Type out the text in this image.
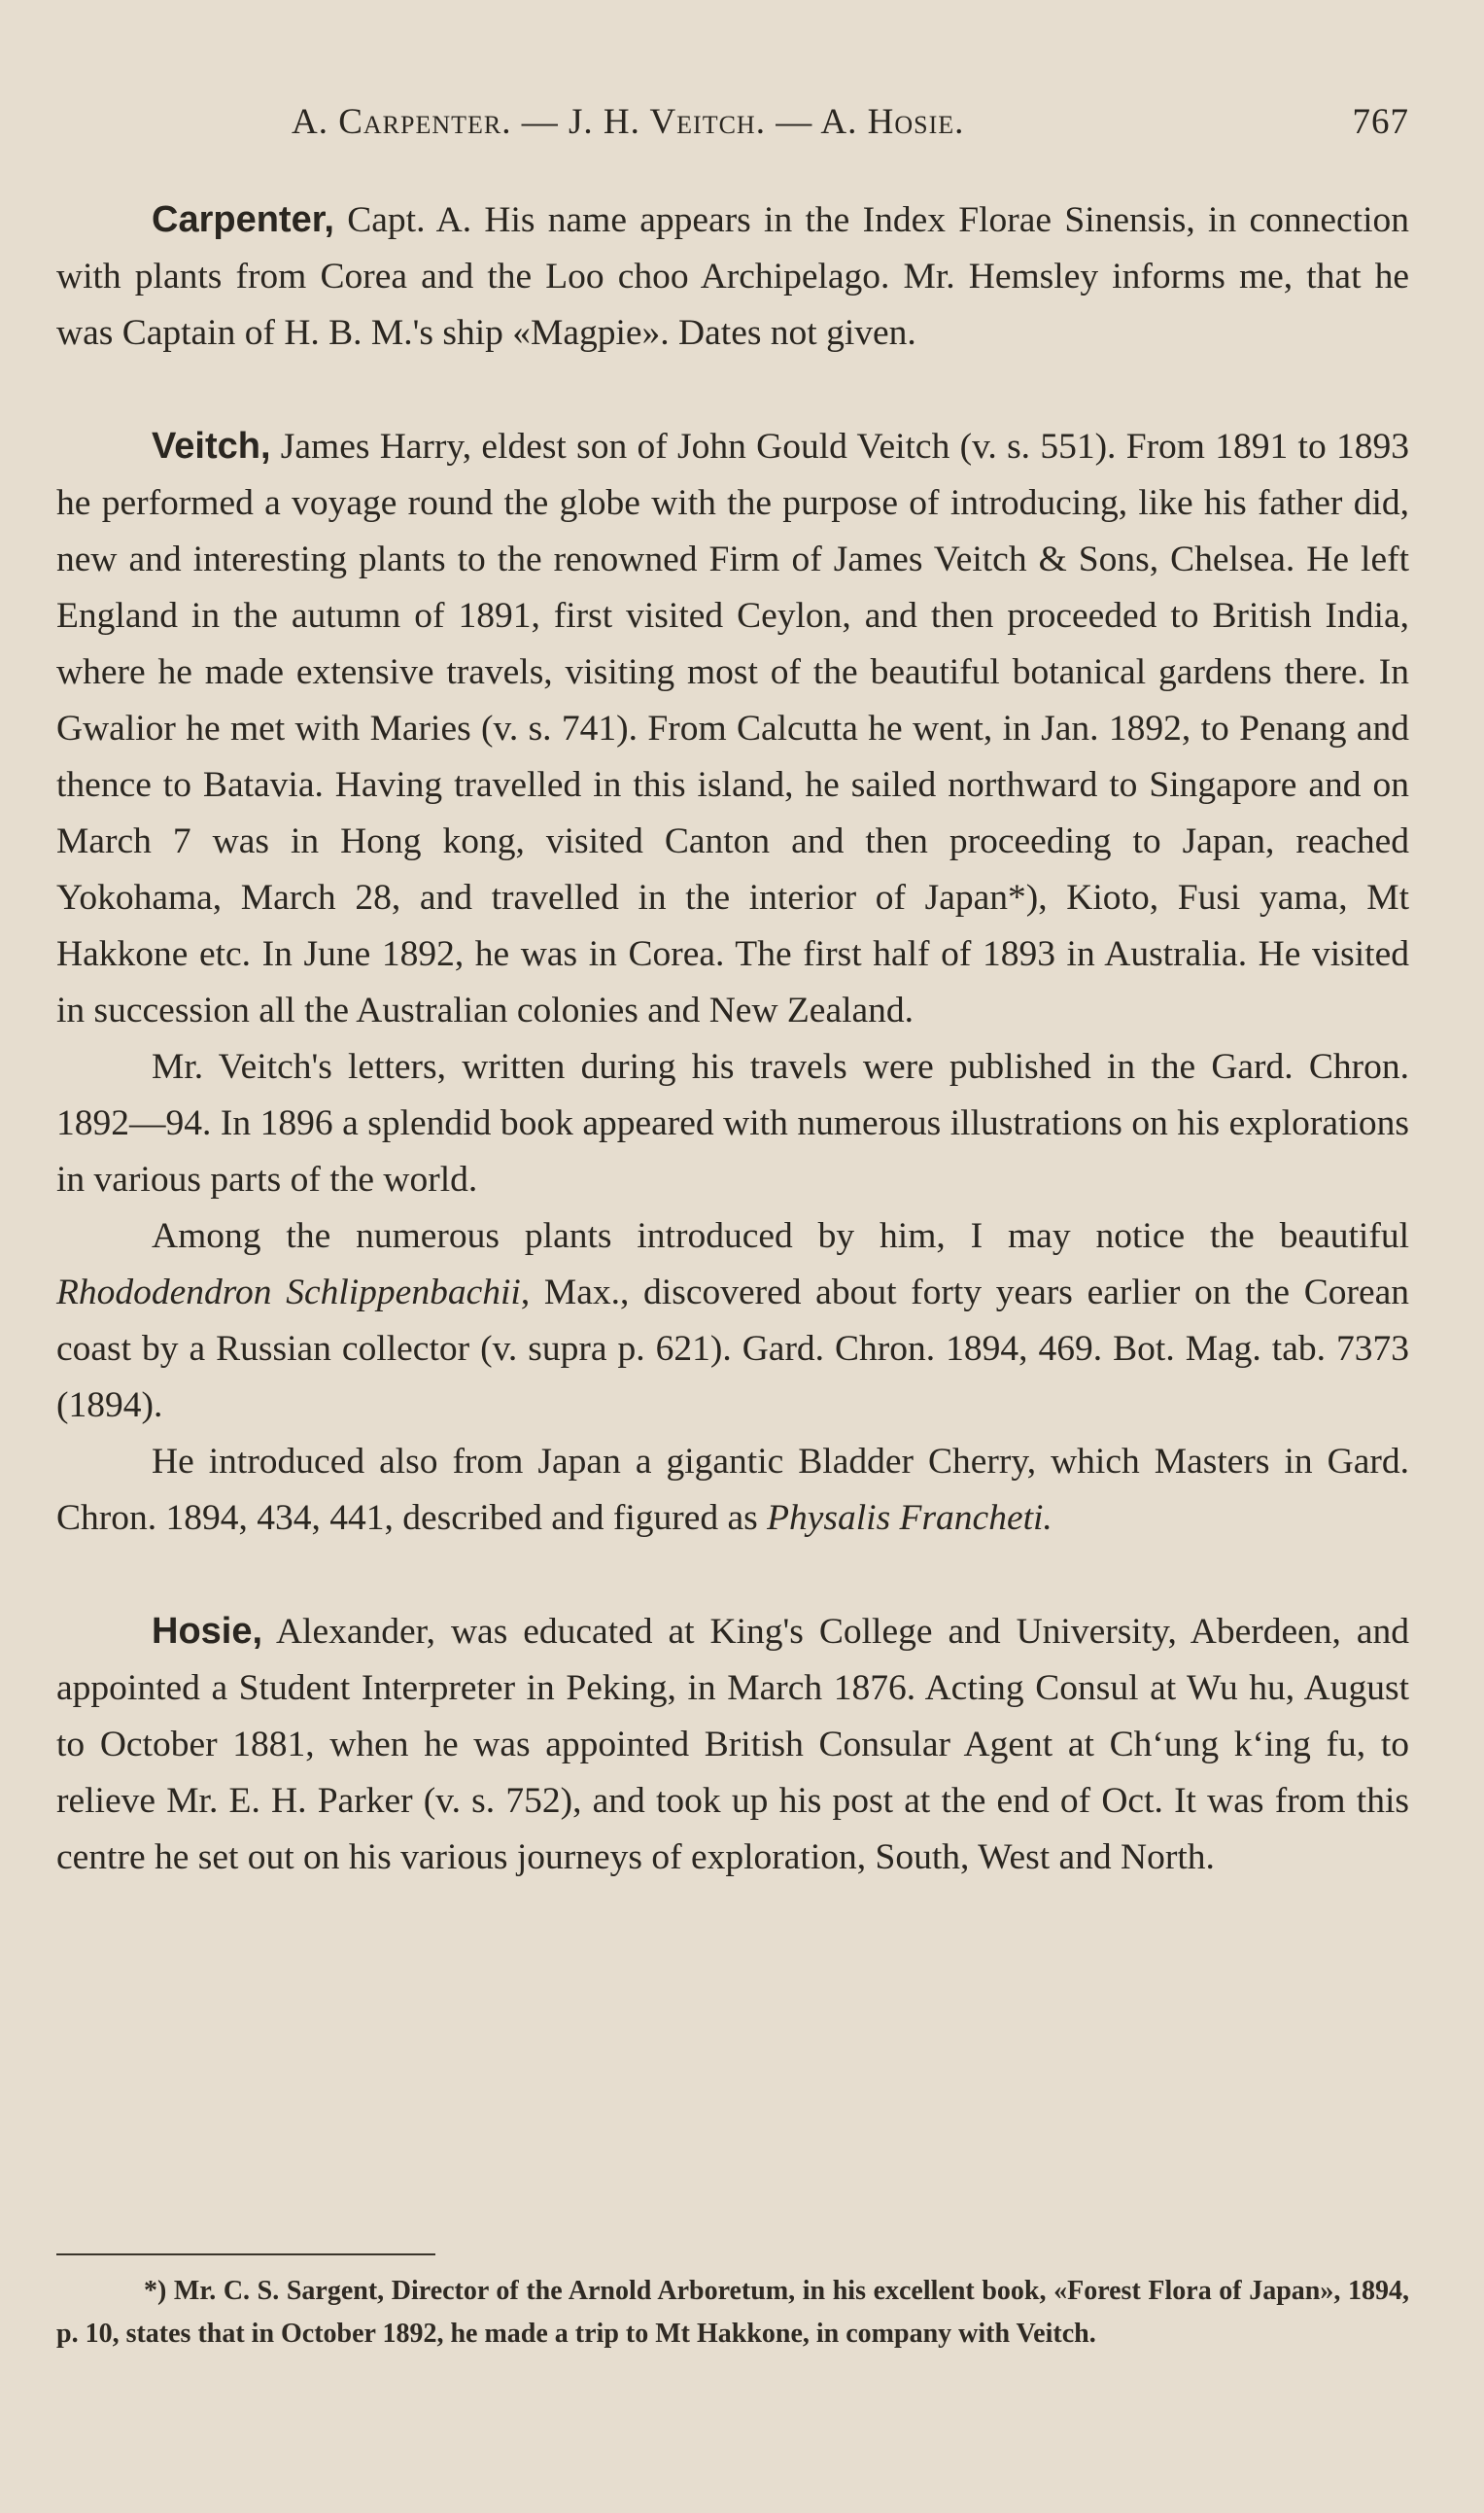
A. Carpenter. — J. H. Veitch. — A. Hosie.	767

Carpenter, Capt. A. His name appears in the Index Florae Sinensis, in connection with plants from Corea and the Loo choo Archipelago. Mr. Hemsley informs me, that he was Captain of H. B. M.'s ship «Magpie». Dates not given.

Veitch, James Harry, eldest son of John Gould Veitch (v. s. 551). From 1891 to 1893 he performed a voyage round the globe with the purpose of introducing, like his father did, new and interesting plants to the renowned Firm of James Veitch & Sons, Chelsea. He left England in the autumn of 1891, first visited Ceylon, and then proceeded to British India, where he made extensive travels, visiting most of the beautiful botanical gardens there. In Gwalior he met with Maries (v. s. 741). From Calcutta he went, in Jan. 1892, to Penang and thence to Batavia. Having travelled in this island, he sailed northward to Singapore and on March 7 was in Hong kong, visited Canton and then proceeding to Japan, reached Yokohama, March 28, and travelled in the interior of Japan*), Kioto, Fusi yama, Mt Hakkone etc. In June 1892, he was in Corea. The first half of 1893 in Australia. He visited in succession all the Australian colonies and New Zealand.

Mr. Veitch's letters, written during his travels were published in the Gard. Chron. 1892—94. In 1896 a splendid book appeared with numerous illustrations on his explorations in various parts of the world.

Among the numerous plants introduced by him, I may notice the beautiful Rhododendron Schlippenbachii, Max., discovered about forty years earlier on the Corean coast by a Russian collector (v. supra p. 621). Gard. Chron. 1894, 469. Bot. Mag. tab. 7373 (1894).

He introduced also from Japan a gigantic Bladder Cherry, which Masters in Gard. Chron. 1894, 434, 441, described and figured as Physalis Francheti.

Hosie, Alexander, was educated at King's College and University, Aberdeen, and appointed a Student Interpreter in Peking, in March 1876. Acting Consul at Wu hu, August to October 1881, when he was appointed British Consular Agent at Chʻung kʻing fu, to relieve Mr. E. H. Parker (v. s. 752), and took up his post at the end of Oct. It was from this centre he set out on his various journeys of exploration, South, West and North.

*) Mr. C. S. Sargent, Director of the Arnold Arboretum, in his excellent book, «Forest Flora of Japan», 1894, p. 10, states that in October 1892, he made a trip to Mt Hakkone, in company with Veitch.
